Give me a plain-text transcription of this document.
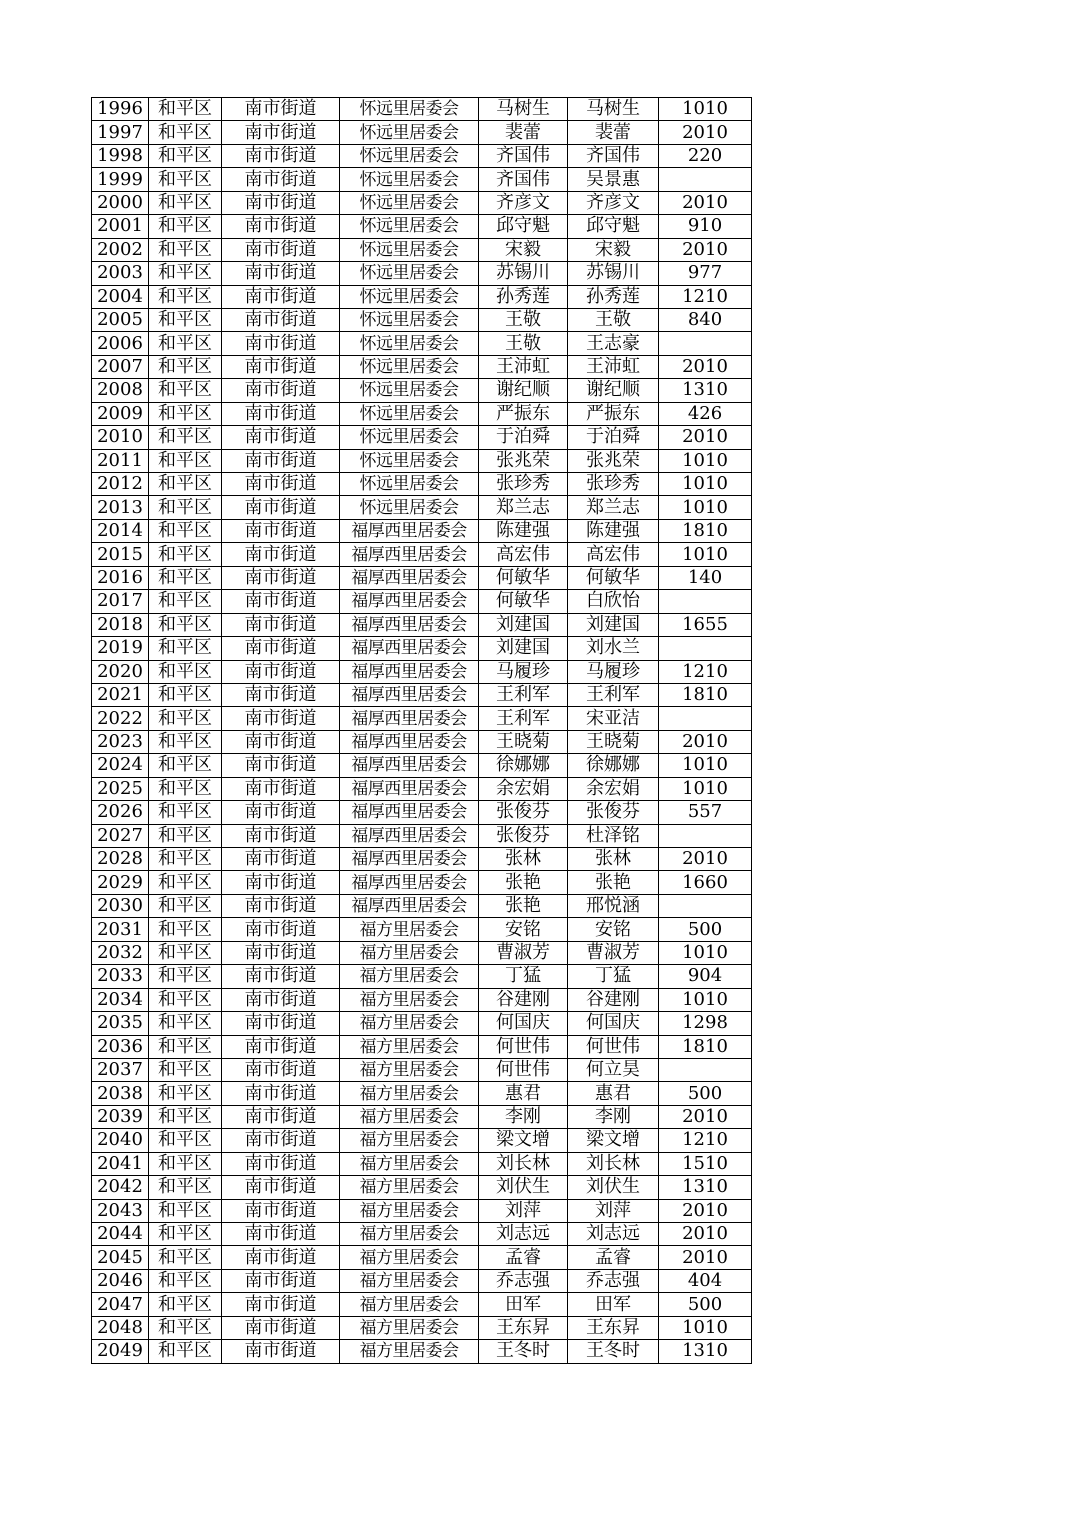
1996	和平区	南市街道	怀远里居委会	马树生	马树生	1010
1997	和平区	南市街道	怀远里居委会	裴蕾	裴蕾	2010
1998	和平区	南市街道	怀远里居委会	齐国伟	齐国伟	220
1999	和平区	南市街道	怀远里居委会	齐国伟	吴景惠	
2000	和平区	南市街道	怀远里居委会	齐彦文	齐彦文	2010
2001	和平区	南市街道	怀远里居委会	邱守魁	邱守魁	910
2002	和平区	南市街道	怀远里居委会	宋毅	宋毅	2010
2003	和平区	南市街道	怀远里居委会	苏锡川	苏锡川	977
2004	和平区	南市街道	怀远里居委会	孙秀莲	孙秀莲	1210
2005	和平区	南市街道	怀远里居委会	王敬	王敬	840
2006	和平区	南市街道	怀远里居委会	王敬	王志豪	
2007	和平区	南市街道	怀远里居委会	王沛虹	王沛虹	2010
2008	和平区	南市街道	怀远里居委会	谢纪顺	谢纪顺	1310
2009	和平区	南市街道	怀远里居委会	严振东	严振东	426
2010	和平区	南市街道	怀远里居委会	于泊舜	于泊舜	2010
2011	和平区	南市街道	怀远里居委会	张兆荣	张兆荣	1010
2012	和平区	南市街道	怀远里居委会	张珍秀	张珍秀	1010
2013	和平区	南市街道	怀远里居委会	郑兰志	郑兰志	1010
2014	和平区	南市街道	福厚西里居委会	陈建强	陈建强	1810
2015	和平区	南市街道	福厚西里居委会	高宏伟	高宏伟	1010
2016	和平区	南市街道	福厚西里居委会	何敏华	何敏华	140
2017	和平区	南市街道	福厚西里居委会	何敏华	白欣怡	
2018	和平区	南市街道	福厚西里居委会	刘建国	刘建国	1655
2019	和平区	南市街道	福厚西里居委会	刘建国	刘水兰	
2020	和平区	南市街道	福厚西里居委会	马履珍	马履珍	1210
2021	和平区	南市街道	福厚西里居委会	王利军	王利军	1810
2022	和平区	南市街道	福厚西里居委会	王利军	宋亚洁	
2023	和平区	南市街道	福厚西里居委会	王晓菊	王晓菊	2010
2024	和平区	南市街道	福厚西里居委会	徐娜娜	徐娜娜	1010
2025	和平区	南市街道	福厚西里居委会	余宏娟	余宏娟	1010
2026	和平区	南市街道	福厚西里居委会	张俊芬	张俊芬	557
2027	和平区	南市街道	福厚西里居委会	张俊芬	杜泽铭	
2028	和平区	南市街道	福厚西里居委会	张林	张林	2010
2029	和平区	南市街道	福厚西里居委会	张艳	张艳	1660
2030	和平区	南市街道	福厚西里居委会	张艳	邢悦涵	
2031	和平区	南市街道	福方里居委会	安铭	安铭	500
2032	和平区	南市街道	福方里居委会	曹淑芳	曹淑芳	1010
2033	和平区	南市街道	福方里居委会	丁猛	丁猛	904
2034	和平区	南市街道	福方里居委会	谷建刚	谷建刚	1010
2035	和平区	南市街道	福方里居委会	何国庆	何国庆	1298
2036	和平区	南市街道	福方里居委会	何世伟	何世伟	1810
2037	和平区	南市街道	福方里居委会	何世伟	何立昊	
2038	和平区	南市街道	福方里居委会	惠君	惠君	500
2039	和平区	南市街道	福方里居委会	李刚	李刚	2010
2040	和平区	南市街道	福方里居委会	梁文增	梁文增	1210
2041	和平区	南市街道	福方里居委会	刘长林	刘长林	1510
2042	和平区	南市街道	福方里居委会	刘伏生	刘伏生	1310
2043	和平区	南市街道	福方里居委会	刘萍	刘萍	2010
2044	和平区	南市街道	福方里居委会	刘志远	刘志远	2010
2045	和平区	南市街道	福方里居委会	孟睿	孟睿	2010
2046	和平区	南市街道	福方里居委会	乔志强	乔志强	404
2047	和平区	南市街道	福方里居委会	田军	田军	500
2048	和平区	南市街道	福方里居委会	王东昇	王东昇	1010
2049	和平区	南市街道	福方里居委会	王冬时	王冬时	1310
